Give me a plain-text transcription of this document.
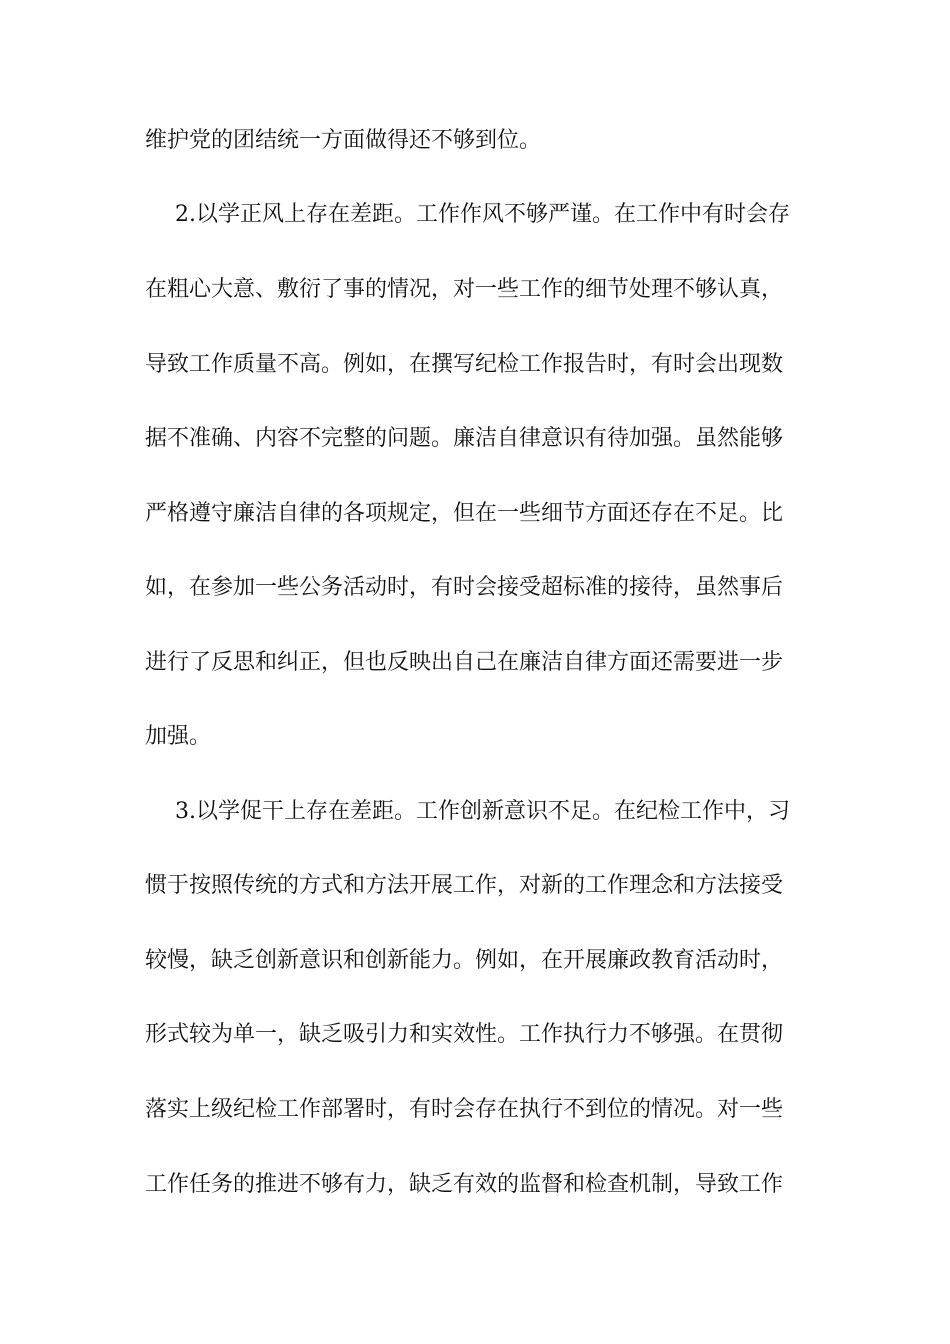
维护党的团结统一方面做得还不够到位。
2.以学正风上存在差距。工作作风不够严谨。在工作中有时会存
在粗心大意、敷衍了事的情况，对一些工作的细节处理不够认真，
导致工作质量不高。例如，在撰写纪检工作报告时，有时会出现数
据不准确、内容不完整的问题。廉洁自律意识有待加强。虽然能够
严格遵守廉洁自律的各项规定，但在一些细节方面还存在不足。比
如，在参加一些公务活动时，有时会接受超标准的接待，虽然事后
进行了反思和纠正，但也反映出自己在廉洁自律方面还需要进一步
加强。
3.以学促干上存在差距。工作创新意识不足。在纪检工作中，习
惯于按照传统的方式和方法开展工作，对新的工作理念和方法接受
较慢，缺乏创新意识和创新能力。例如，在开展廉政教育活动时，
形式较为单一，缺乏吸引力和实效性。工作执行力不够强。在贯彻
落实上级纪检工作部署时，有时会存在执行不到位的情况。对一些
工作任务的推进不够有力，缺乏有效的监督和检查机制，导致工作
